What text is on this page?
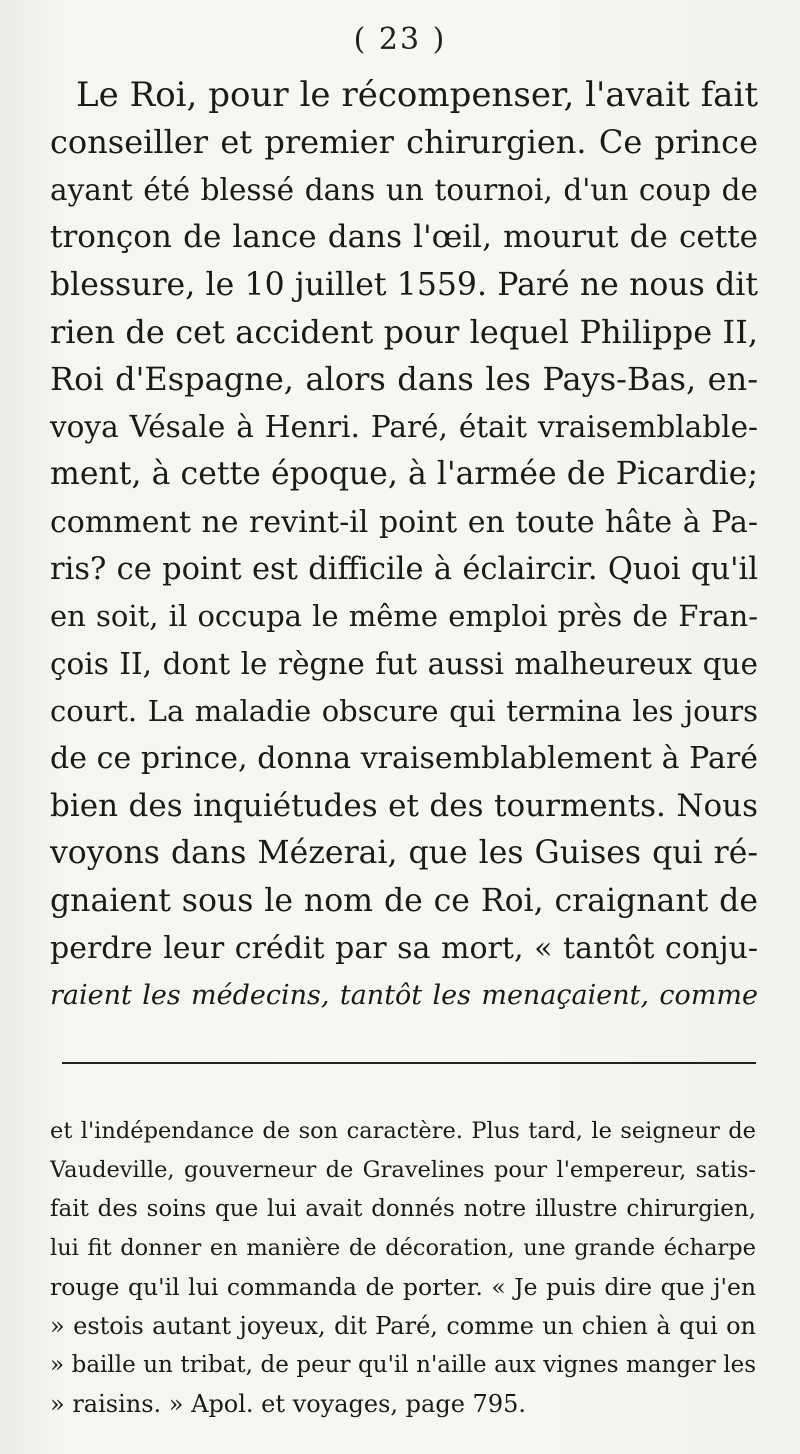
( 23 )
Le Roi, pour le récompenser, l'avait fait
conseiller et premier chirurgien. Ce prince
ayant été blessé dans un tournoi, d'un coup de
tronçon de lance dans l'œil, mourut de cette
blessure, le 10 juillet 1559. Paré ne nous dit
rien de cet accident pour lequel Philippe II,
Roi d'Espagne, alors dans les Pays-Bas, en-
voya Vésale à Henri. Paré, était vraisemblable-
ment, à cette époque, à l'armée de Picardie;
comment ne revint-il point en toute hâte à Pa-
ris? ce point est difficile à éclaircir. Quoi qu'il
en soit, il occupa le même emploi près de Fran-
çois II, dont le règne fut aussi malheureux que
court. La maladie obscure qui termina les jours
de ce prince, donna vraisemblablement à Paré
bien des inquiétudes et des tourments. Nous
voyons dans Mézerai, que les Guises qui ré-
gnaient sous le nom de ce Roi, craignant de
perdre leur crédit par sa mort, « tantôt conju-
raient les médecins, tantôt les menaçaient, comme
et l'indépendance de son caractère. Plus tard, le seigneur de
Vaudeville, gouverneur de Gravelines pour l'empereur, satis-
fait des soins que lui avait donnés notre illustre chirurgien,
lui fit donner en manière de décoration, une grande écharpe
rouge qu'il lui commanda de porter. « Je puis dire que j'en
» estois autant joyeux, dit Paré, comme un chien à qui on
» baille un tribat, de peur qu'il n'aille aux vignes manger les
» raisins. » Apol. et voyages, page 795.
